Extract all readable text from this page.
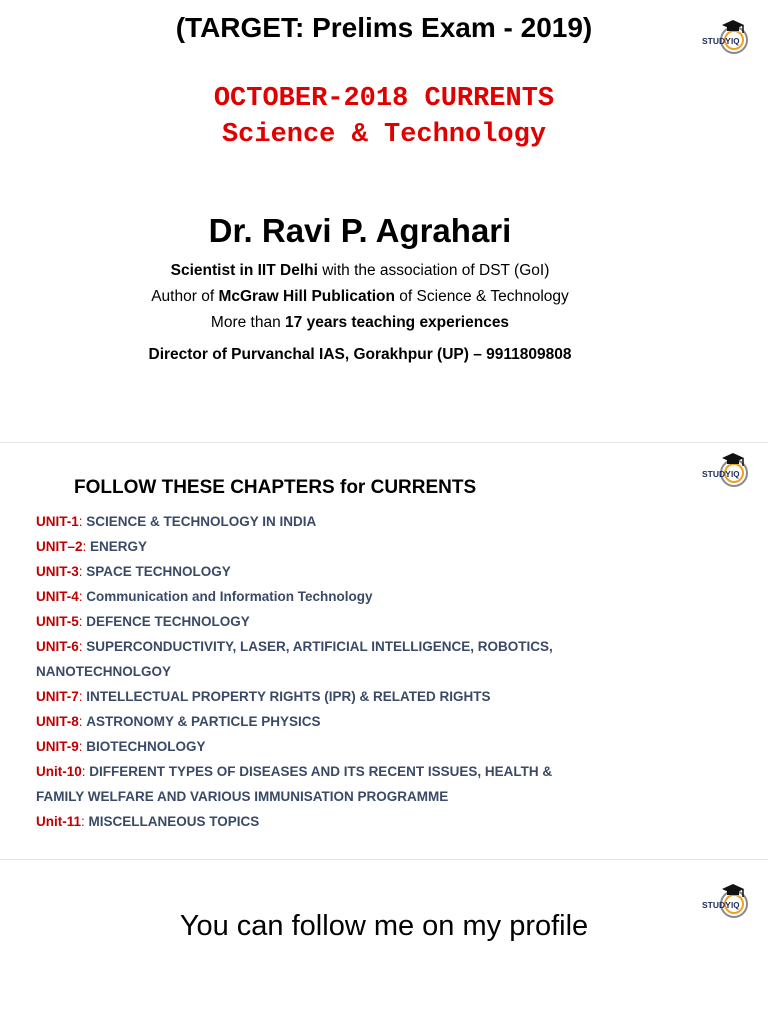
(TARGET: Prelims Exam - 2019)	STUDY IQ
OCTOBER-2018 CURRENTS
Science & Technology
Dr. Ravi P. Agrahari
Scientist in IIT Delhi with the association of DST (GoI)
Author of McGraw Hill Publication of Science & Technology
More than 17 years teaching experiences
Director of Purvanchal IAS, Gorakhpur (UP) – 9911809808
STUDY IQ
FOLLOW THESE CHAPTERS for CURRENTS
UNIT-1: SCIENCE & TECHNOLOGY IN INDIA
UNIT–2: ENERGY
UNIT-3: SPACE TECHNOLOGY
UNIT-4: Communication and Information Technology
UNIT-5: DEFENCE TECHNOLOGY
UNIT-6: SUPERCONDUCTIVITY, LASER, ARTIFICIAL INTELLIGENCE, ROBOTICS,
NANOTECHNOLGOY
UNIT-7: INTELLECTUAL PROPERTY RIGHTS (IPR) & RELATED RIGHTS
UNIT-8: ASTRONOMY & PARTICLE PHYSICS
UNIT-9: BIOTECHNOLOGY
Unit-10: DIFFERENT TYPES OF DISEASES AND ITS RECENT ISSUES, HEALTH &
FAMILY WELFARE AND VARIOUS IMMUNISATION PROGRAMME
Unit-11: MISCELLANEOUS TOPICS
STUDY IQ
You can follow me on my profile
